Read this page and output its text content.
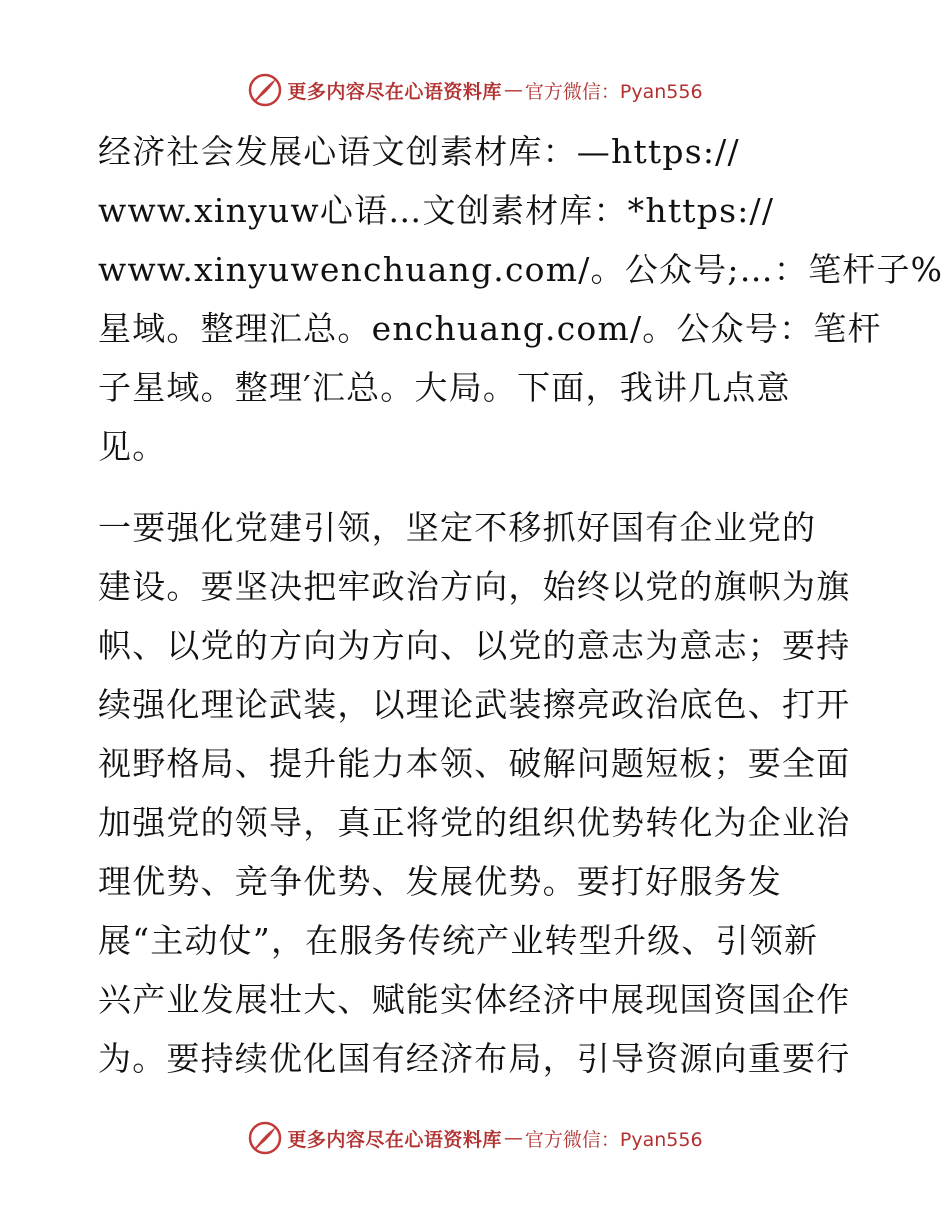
更多内容尽在心语资料库 — 官方微信：Pyan556
经济社会发展心语文创素材库：—https://
www.xinyuw心语…文创素材库：*https://
www.xinyuwenchuang.com/。公众号;…：笔杆子%
星域。整理汇总。enchuang.com/。公众号：笔杆
子星域。整理′汇总。大局。下面，我讲几点意
见。
一要强化党建引领，坚定不移抓好国有企业党的
建设。要坚决把牢政治方向，始终以党的旗帜为旗
帜、以党的方向为方向、以党的意志为意志；要持
续强化理论武装，以理论武装擦亮政治底色、打开
视野格局、提升能力本领、破解问题短板；要全面
加强党的领导，真正将党的组织优势转化为企业治
理优势、竞争优势、发展优势。要打好服务发
展“主动仗”，在服务传统产业转型升级、引领新
兴产业发展壮大、赋能实体经济中展现国资国企作
为。要持续优化国有经济布局，引导资源向重要行
更多内容尽在心语资料库 — 官方微信：Pyan556
